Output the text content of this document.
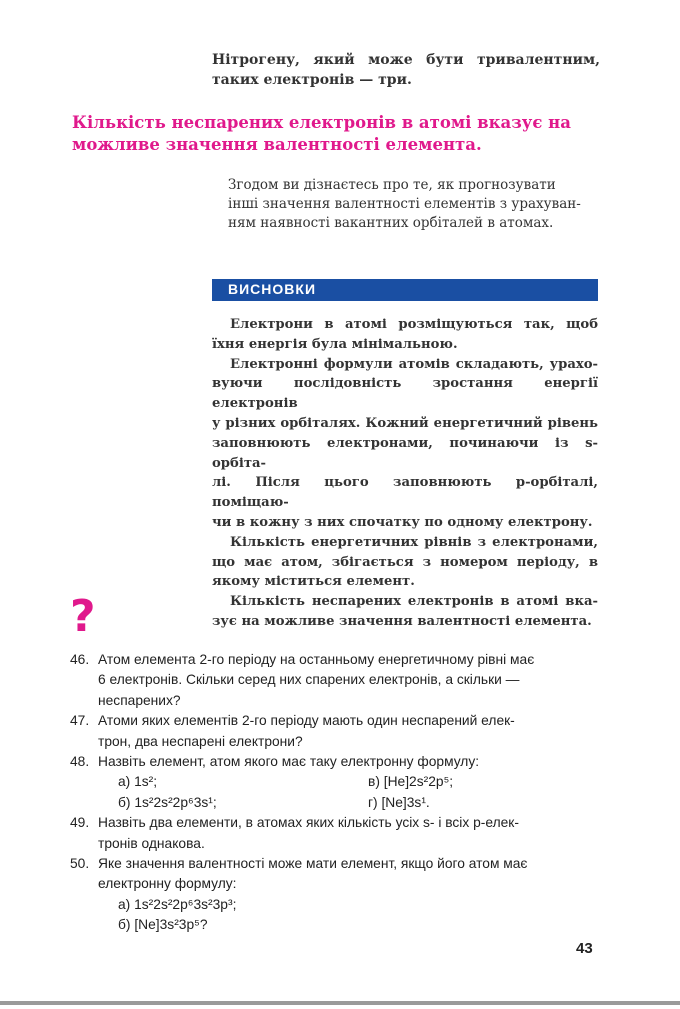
Нітрогену, який може бути тривалентним,
таких електронів — три.
Кількість неспарених електронів в атомі вказує на
можливе значення валентності елемента.
Згодом ви дізнаєтесь про те, як прогнозувати
інші значення валентності елементів з урахуван-
ням наявності вакантних орбіталей в атомах.
ВИСНОВКИ

Електрони в атомі розміщуються так, щоб
їхня енергія була мінімальною.

Електронні формули атомів складають, урахо-
вуючи послідовність зростання енергії електронів
у різних орбіталях. Кожний енергетичний рівень
заповнюють електронами, починаючи із s-орбіта-
лі. Після цього заповнюють p-орбіталі, поміщаю-
чи в кожну з них спочатку по одному електрону.

Кількість енергетичних рівнів з електронами,
що має атом, збігається з номером періоду, в
якому міститься елемент.

Кількість неспарених електронів в атомі вка-
зує на можливе значення валентності елемента.

?
46. Атом елемента 2-го періоду на останньому енергетичному рівні має
6 електронів. Скільки серед них спарених електронів, а скільки —
неспарених?
47. Атоми яких елементів 2-го періоду мають один неспарений елек-
трон, два неспарені електрони?
48. Назвіть елемент, атом якого має таку електронну формулу:
а) 1s²;	в) [He]2s²2p⁵;
б) 1s²2s²2p⁶3s¹;	г) [Ne]3s¹.
49. Назвіть два елементи, в атомах яких кількість усіх s- і всіх p-елек-
тронів однакова.
50. Яке значення валентності може мати елемент, якщо його атом має
електронну формулу:
а) 1s²2s²2p⁶3s²3p³;
б) [Ne]3s²3p⁵?
43
